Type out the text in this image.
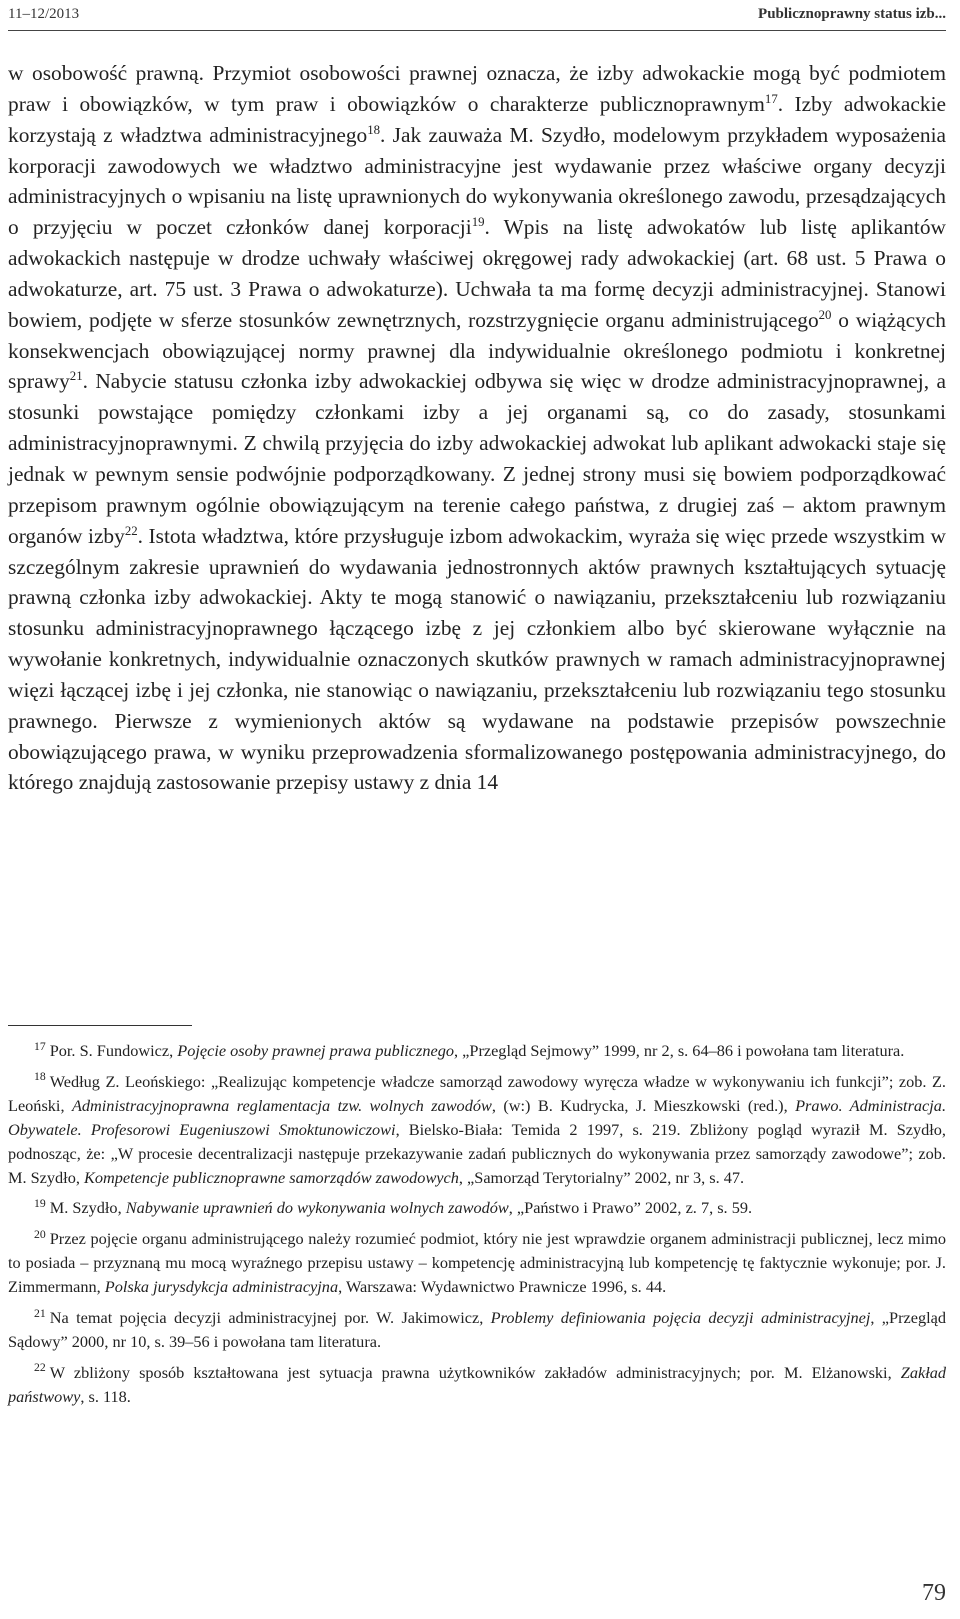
11–12/2013	Publicznoprawny status izb...

w osobowość prawną. Przymiot osobowości prawnej oznacza, że izby adwokackie mogą być podmiotem praw i obowiązków, w tym praw i obowiązków o charakterze publicznoprawnym$^{17}$. Izby adwokackie korzystają z władztwa administracyjnego$^{18}$. Jak zauważa M. Szydło, modelowym przykładem wyposażenia korporacji zawodowych we władztwo administracyjne jest wydawanie przez właściwe organy decyzji administracyjnych o wpisaniu na listę uprawnionych do wykonywania określonego zawodu, przesądzających o przyjęciu w poczet członków danej korporacji$^{19}$. Wpis na listę adwokatów lub listę aplikantów adwokackich następuje w drodze uchwały właściwej okręgowej rady adwokackiej (art. 68 ust. 5 Prawa o adwokaturze, art. 75 ust. 3 Prawa o adwokaturze). Uchwała ta ma formę decyzji administracyjnej. Stanowi bowiem, podjęte w sferze stosunków zewnętrznych, rozstrzygnięcie organu administrującego$^{20}$ o wiążących konsekwencjach obowiązującej normy prawnej dla indywidualnie określonego podmiotu i konkretnej sprawy$^{21}$. Nabycie statusu członka izby adwokackiej odbywa się więc w drodze administracyjnoprawnej, a stosunki powstające pomiędzy członkami izby a jej organami są, co do zasady, stosunkami administracyjnoprawnymi. Z chwilą przyjęcia do izby adwokackiej adwokat lub aplikant adwokacki staje się jednak w pewnym sensie podwójnie podporządkowany. Z jednej strony musi się bowiem podporządkować przepisom prawnym ogólnie obowiązującym na terenie całego państwa, z drugiej zaś – aktom prawnym organów izby$^{22}$. Istota władztwa, które przysługuje izbom adwokackim, wyraża się więc przede wszystkim w szczególnym zakresie uprawnień do wydawania jednostronnych aktów prawnych kształtujących sytuację prawną członka izby adwokackiej. Akty te mogą stanowić o nawiązaniu, przekształceniu lub rozwiązaniu stosunku administracyjnoprawnego łączącego izbę z jej członkiem albo być skierowane wyłącznie na wywołanie konkretnych, indywidualnie oznaczonych skutków prawnych w ramach administracyjnoprawnej więzi łączącej izbę i jej członka, nie stanowiąc o nawiązaniu, przekształceniu lub rozwiązaniu tego stosunku prawnego. Pierwsze z wymienionych aktów są wydawane na podstawie przepisów powszechnie obowiązującego prawa, w wyniku przeprowadzenia sformalizowanego postępowania administracyjnego, do którego znajdują zastosowanie przepisy ustawy z dnia 14

$^{17}$ Por. S. Fundowicz, Pojęcie osoby prawnej prawa publicznego, „Przegląd Sejmowy” 1999, nr 2, s. 64–86 i powołana tam literatura.

$^{18}$ Według Z. Leońskiego: „Realizując kompetencje władcze samorząd zawodowy wyręcza władze w wykonywaniu ich funkcji”; zob. Z. Leoński, Administracyjnoprawna reglamentacja tzw. wolnych zawodów, (w:) B. Kudrycka, J. Mieszkowski (red.), Prawo. Administracja. Obywatele. Profesorowi Eugeniuszowi Smoktunowiczowi, Bielsko-Biała: Temida 2 1997, s. 219. Zbliżony pogląd wyraził M. Szydło, podnosząc, że: „W procesie decentralizacji następuje przekazywanie zadań publicznych do wykonywania przez samorządy zawodowe”; zob. M. Szydło, Kompetencje publicznoprawne samorządów zawodowych, „Samorząd Terytorialny” 2002, nr 3, s. 47.

$^{19}$ M. Szydło, Nabywanie uprawnień do wykonywania wolnych zawodów, „Państwo i Prawo” 2002, z. 7, s. 59.

$^{20}$ Przez pojęcie organu administrującego należy rozumieć podmiot, który nie jest wprawdzie organem administracji publicznej, lecz mimo to posiada – przyznaną mu mocą wyraźnego przepisu ustawy – kompetencję administracyjną lub kompetencję tę faktycznie wykonuje; por. J. Zimmermann, Polska jurysdykcja administracyjna, Warszawa: Wydawnictwo Prawnicze 1996, s. 44.

$^{21}$ Na temat pojęcia decyzji administracyjnej por. W. Jakimowicz, Problemy definiowania pojęcia decyzji administracyjnej, „Przegląd Sądowy” 2000, nr 10, s. 39–56 i powołana tam literatura.

$^{22}$ W zbliżony sposób kształtowana jest sytuacja prawna użytkowników zakładów administracyjnych; por. M. Elżanowski, Zakład państwowy, s. 118.

79
